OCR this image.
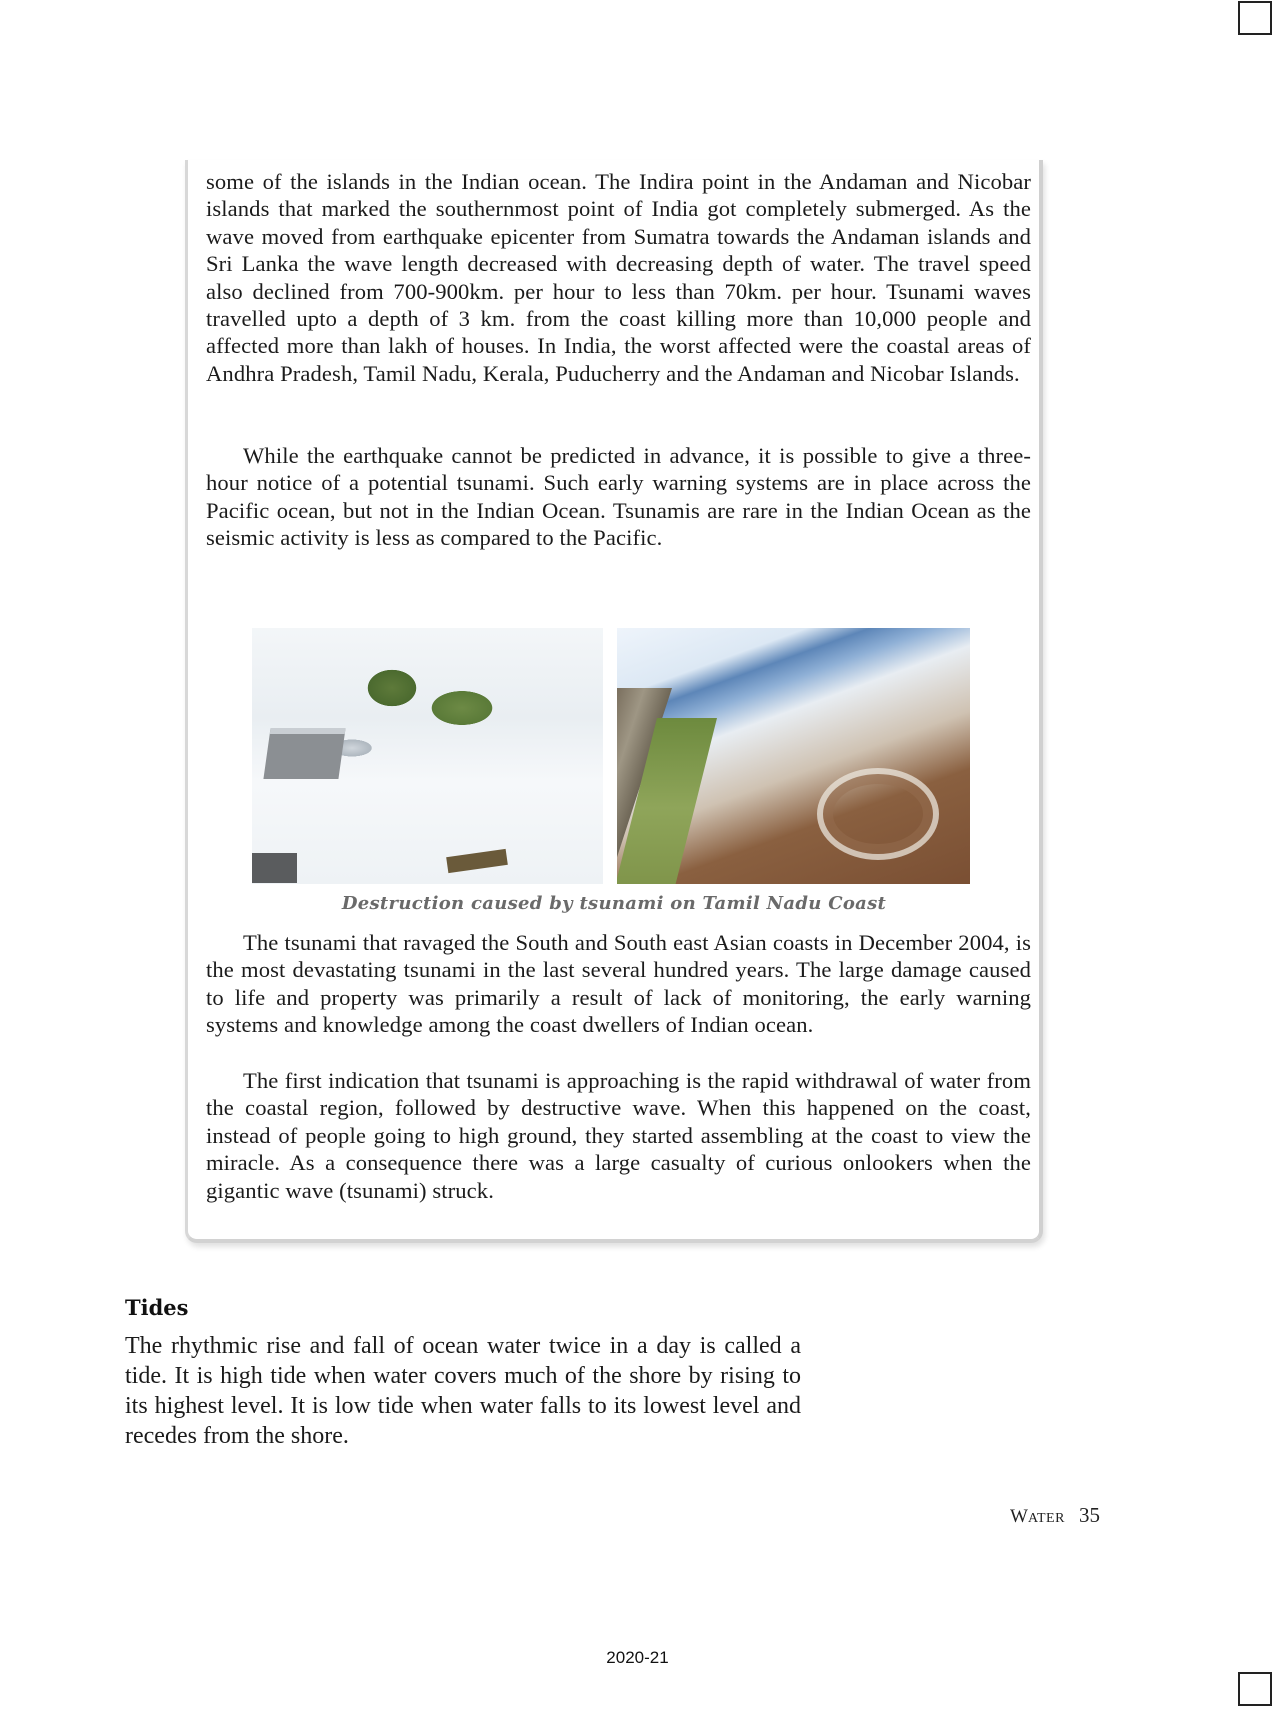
some of the islands in the Indian ocean. The Indira point in the Andaman and Nicobar islands that marked the southernmost point of India got completely submerged. As the wave moved from earthquake epicenter from Sumatra towards the Andaman islands and Sri Lanka the wave length decreased with decreasing depth of water. The travel speed also declined from 700-900km. per hour to less than 70km. per hour. Tsunami waves travelled upto a depth of 3 km. from the coast killing more than 10,000 people and affected more than lakh of houses. In India, the worst affected were the coastal areas of Andhra Pradesh, Tamil Nadu, Kerala, Puducherry and the Andaman and Nicobar Islands.

While the earthquake cannot be predicted in advance, it is possible to give a three-hour notice of a potential tsunami. Such early warning systems are in place across the Pacific ocean, but not in the Indian Ocean. Tsunamis are rare in the Indian Ocean as the seismic activity is less as compared to the Pacific.

Destruction caused by tsunami on Tamil Nadu Coast

The tsunami that ravaged the South and South east Asian coasts in December 2004, is the most devastating tsunami in the last several hundred years. The large damage caused to life and property was primarily a result of lack of monitoring, the early warning systems and knowledge among the coast dwellers of Indian ocean.

The first indication that tsunami is approaching is the rapid withdrawal of water from the coastal region, followed by destructive wave. When this happened on the coast, instead of people going to high ground, they started assembling at the coast to view the miracle. As a consequence there was a large casualty of curious onlookers when the gigantic wave (tsunami) struck.

Tides

The rhythmic rise and fall of ocean water twice in a day is called a tide. It is high tide when water covers much of the shore by rising to its highest level. It is low tide when water falls to its lowest level and recedes from the shore.

WATER 35
2020-21
